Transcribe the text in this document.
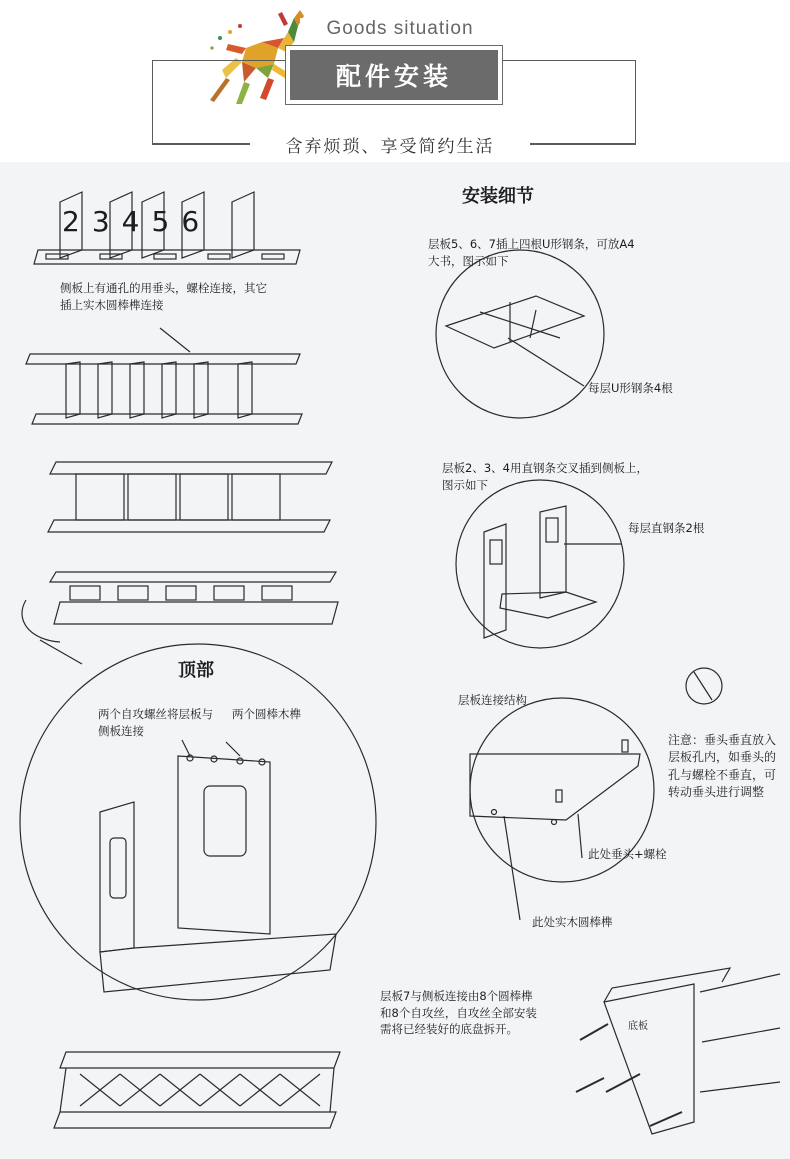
Goods situation
配件安装
含弃烦琐、享受简约生活
23456
侧板上有通孔的用垂头，螺栓连接，其它
插上实木圆棒榫连接
安装细节
层板5、6、7插上四根U形钢条，可放A4
大书，图示如下
每层U形钢条4根
层板2、3、4用直钢条交叉插到侧板上，
图示如下
每层直钢条2根
层板连接结构
注意：垂头垂直放入
层板孔内，如垂头的
孔与螺栓不垂直，可
转动垂头进行调整
顶部
两个自攻螺丝将层板与
侧板连接
两个圆棒木榫
此处垂头+螺栓
此处实木圆棒榫
层板7与侧板连接由8个圆棒榫
和8个自攻丝，自攻丝全部安装
需将已经装好的底盘拆开。	底板
